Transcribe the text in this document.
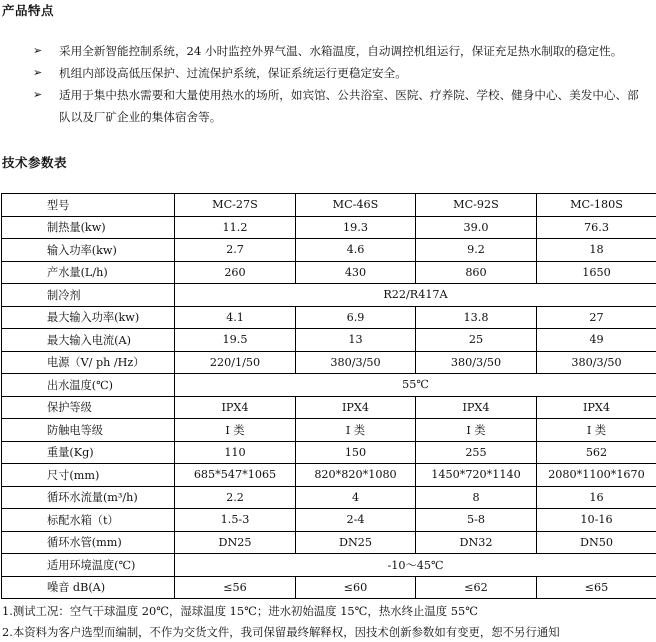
产品特点
➢ 采用全新智能控制系统，24 小时监控外界气温、水箱温度，自动调控机组运行，保证充足热水制取的稳定性。
➢ 机组内部设高低压保护、过流保护系统，保证系统运行更稳定安全。
➢ 适用于集中热水需要和大量使用热水的场所，如宾馆、公共浴室、医院、疗养院、学校、健身中心、美发中心、部队以及厂矿企业的集体宿舍等。
技术参数表
型号	MC-27S	MC-46S	MC-92S	MC-180S
制热量(kw)	11.2	19.3	39.0	76.3
输入功率(kw)	2.7	4.6	9.2	18
产水量(L/h)	260	430	860	1650
制冷剂	R22/R417A			
最大输入功率(kw)	4.1	6.9	13.8	27
最大输入电流(A)	19.5	13	25	49
电源（V/ ph /Hz）	220/1/50	380/3/50	380/3/50	380/3/50
出水温度(℃)	55℃			
保护等级	IPX4	IPX4	IPX4	IPX4
防触电等级	I 类	I 类	I 类	I 类
重量(Kg)	110	150	255	562
尺寸(mm)	685*547*1065	820*820*1080	1450*720*1140	2080*1100*1670
循环水流量(m³/h)	2.2	4	8	16
标配水箱（t）	1.5-3	2-4	5-8	10-16
循环水管(mm)	DN25	DN25	DN32	DN50
适用环境温度(℃)	-10～45℃			
噪音 dB(A)	≤56	≤60	≤62	≤65
1.测试工况：空气干球温度 20℃，湿球温度 15℃；进水初始温度 15℃，热水终止温度 55℃
2.本资料为客户选型而编制，不作为交货文件，我司保留最终解释权，因技术创新参数如有变更，恕不另行通知
